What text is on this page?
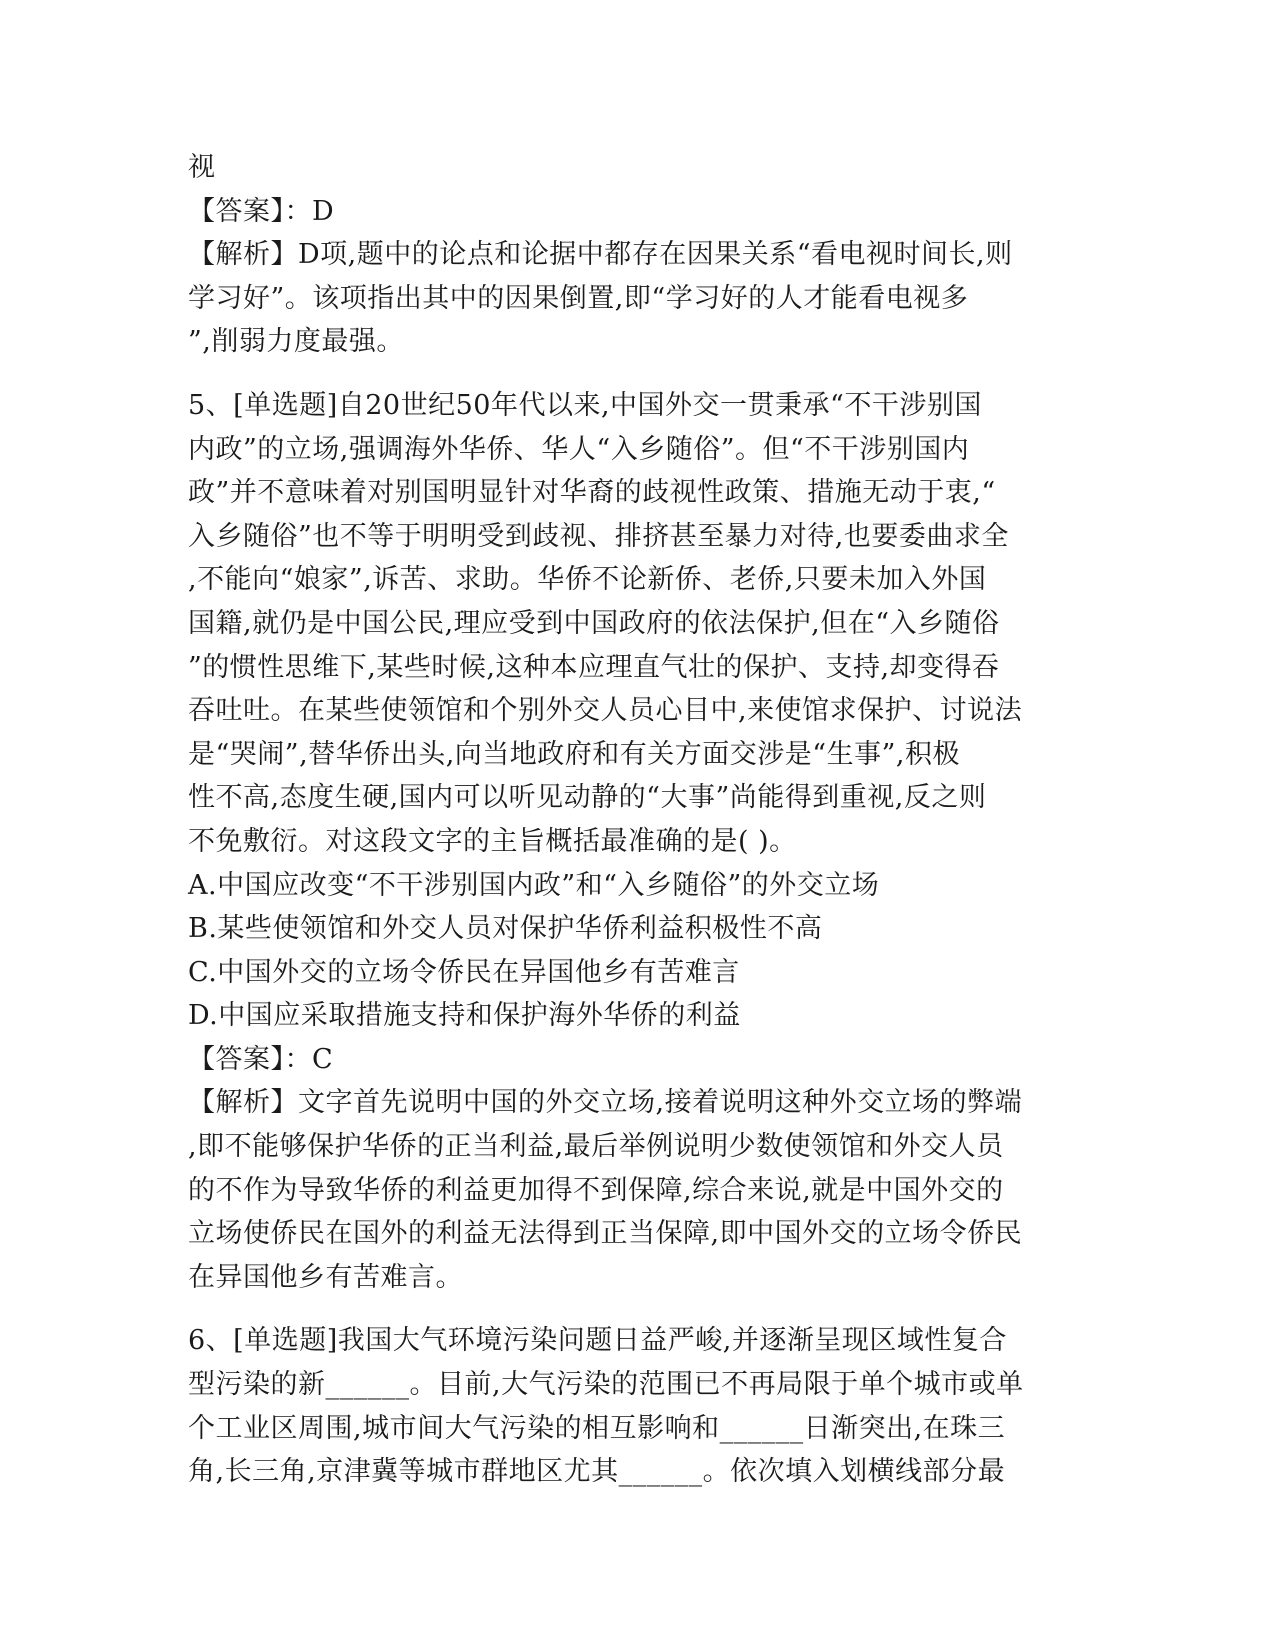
视
【答案】：D
【解析】D项,题中的论点和论据中都存在因果关系“看电视时间长,则
学习好”。该项指出其中的因果倒置,即“学习好的人才能看电视多
”,削弱力度最强。
5、[单选题]自20世纪50年代以来,中国外交一贯秉承“不干涉别国
内政”的立场,强调海外华侨、华人“入乡随俗”。但“不干涉别国内
政”并不意味着对别国明显针对华裔的歧视性政策、措施无动于衷,“
入乡随俗”也不等于明明受到歧视、排挤甚至暴力对待,也要委曲求全
,不能向“娘家”,诉苦、求助。华侨不论新侨、老侨,只要未加入外国
国籍,就仍是中国公民,理应受到中国政府的依法保护,但在“入乡随俗
”的惯性思维下,某些时候,这种本应理直气壮的保护、支持,却变得吞
吞吐吐。在某些使领馆和个别外交人员心目中,来使馆求保护、讨说法
是“哭闹”,替华侨出头,向当地政府和有关方面交涉是“生事”,积极
性不高,态度生硬,国内可以听见动静的“大事”尚能得到重视,反之则
不免敷衍。对这段文字的主旨概括最准确的是( )。
A.中国应改变“不干涉别国内政”和“入乡随俗”的外交立场
B.某些使领馆和外交人员对保护华侨利益积极性不高
C.中国外交的立场令侨民在异国他乡有苦难言
D.中国应采取措施支持和保护海外华侨的利益
【答案】：C
【解析】文字首先说明中国的外交立场,接着说明这种外交立场的弊端
,即不能够保护华侨的正当利益,最后举例说明少数使领馆和外交人员
的不作为导致华侨的利益更加得不到保障,综合来说,就是中国外交的
立场使侨民在国外的利益无法得到正当保障,即中国外交的立场令侨民
在异国他乡有苦难言。
6、[单选题]我国大气环境污染问题日益严峻,并逐渐呈现区域性复合
型污染的新______。目前,大气污染的范围已不再局限于单个城市或单
个工业区周围,城市间大气污染的相互影响和______日渐突出,在珠三
角,长三角,京津冀等城市群地区尤其______。依次填入划横线部分最
